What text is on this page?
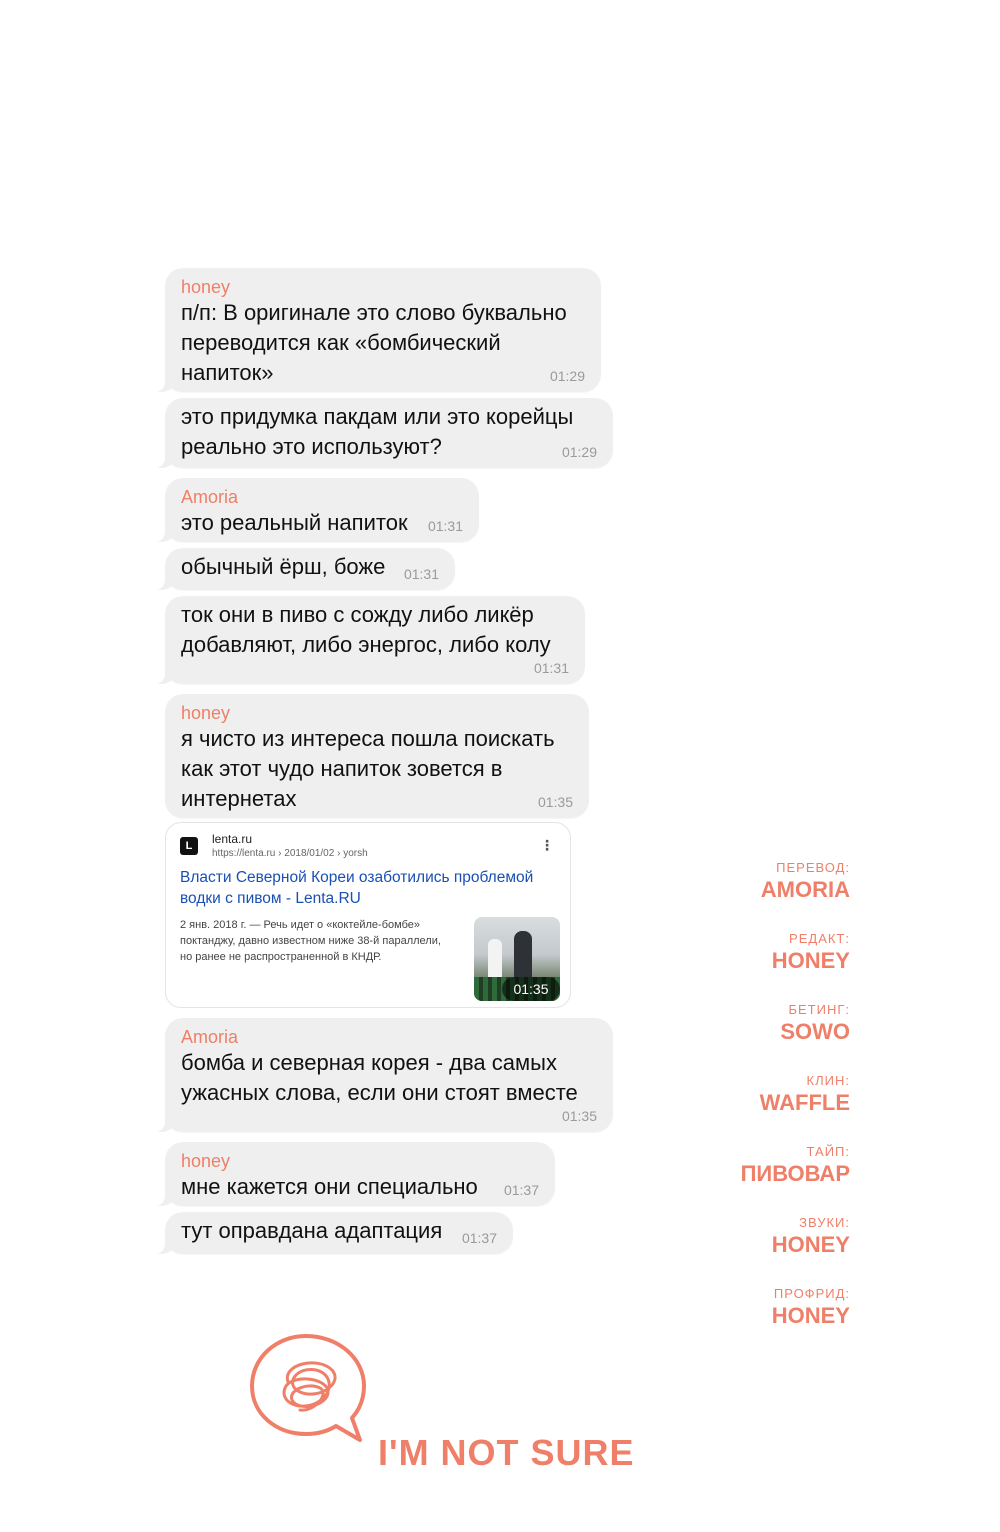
honey
п/п: В оригинале это слово буквально
переводится как «бомбический
напиток»	01:29
это придумка пакдам или это корейцы
реально это используют?	01:29
Amoria
это реальный напиток	01:31
обычный ёрш, боже	01:31
ток они в пиво с сожду либо ликёр
добавляют, либо энергос, либо колу
01:31
honey
я чисто из интереса пошла поискать
как этот чудо напиток зовется в
интернетах	01:35
L	lenta.ru
https://lenta.ru › 2018/01/02 › yorsh
⋮
Власти Северной Кореи озаботились проблемой
водки с пивом - Lenta.RU
2 янв. 2018 г. — Речь идет о «коктейле-бомбе»
поктанджу, давно известном ниже 38-й параллели,
но ранее не распространенной в КНДР.
01:35
Amoria
бомба и северная корея - два самых
ужасных слова, если они стоят вместе
01:35
honey
мне кажется они специально	01:37
тут оправдана адаптация	01:37
ПЕРЕВОД:
AMORIA
РЕДАКТ:
HONEY
БЕТИНГ:
SOWO
КЛИН:
WAFFLE
ТАЙП:
ПИВОВАР
ЗВУКИ:
HONEY
ПРОФРИД:
HONEY
I'M NOT SURE
